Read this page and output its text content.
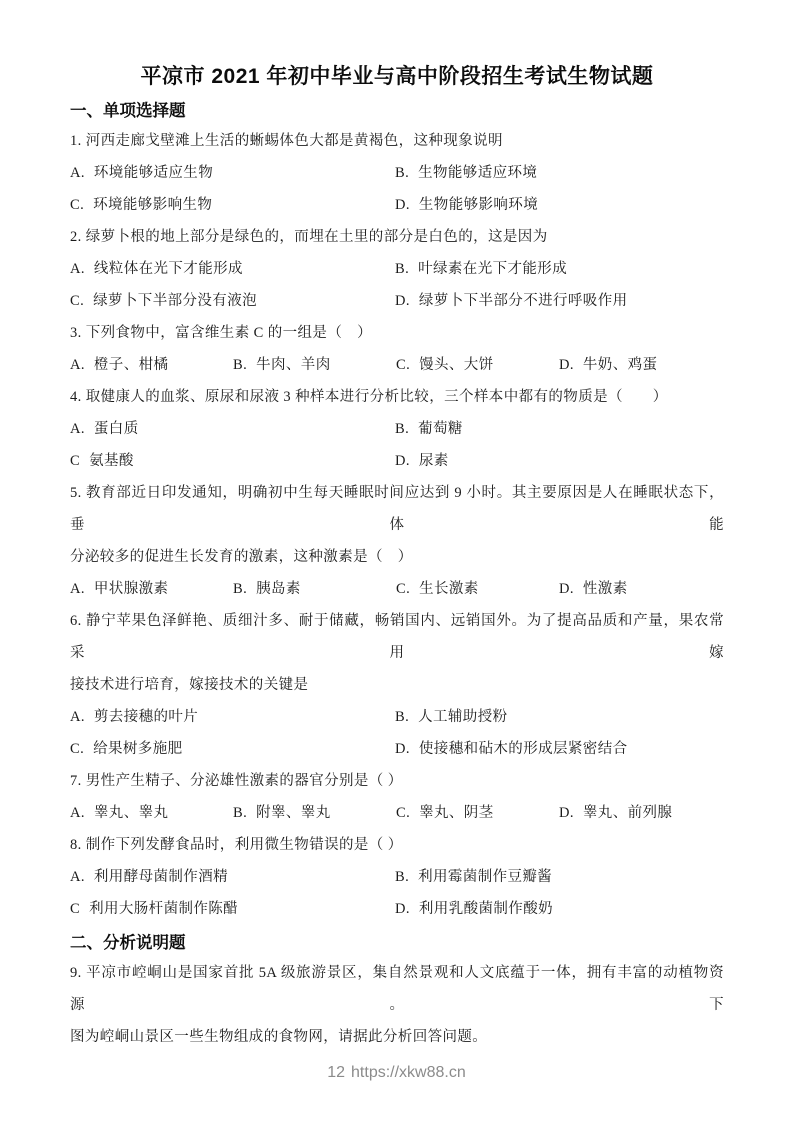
平凉市 2021 年初中毕业与高中阶段招生考试生物试题
一、单项选择题
1. 河西走廊戈壁滩上生活的蜥蜴体色大都是黄褐色，这种现象说明
A. 环境能够适应生物	B. 生物能够适应环境
C. 环境能够影响生物	D. 生物能够影响环境
2. 绿萝卜根的地上部分是绿色的，而埋在土里的部分是白色的，这是因为
A. 线粒体在光下才能形成	B. 叶绿素在光下才能形成
C. 绿萝卜下半部分没有液泡	D. 绿萝卜下半部分不进行呼吸作用
3. 下列食物中，富含维生素 C 的一组是（　）
A. 橙子、柑橘	B. 牛肉、羊肉	C. 馒头、大饼	D. 牛奶、鸡蛋
4. 取健康人的血浆、原尿和尿液 3 种样本进行分析比较，三个样本中都有的物质是（　　）
A. 蛋白质	B. 葡萄糖
C 氨基酸	D. 尿素
5. 教育部近日印发通知，明确初中生每天睡眠时间应达到 9 小时。其主要原因是人在睡眠状态下，垂体能
分泌较多的促进生长发育的激素，这种激素是（　）
A. 甲状腺激素	B. 胰岛素	C. 生长激素	D. 性激素
6. 静宁苹果色泽鲜艳、质细汁多、耐于储藏，畅销国内、远销国外。为了提高品质和产量，果农常采用嫁
接技术进行培育，嫁接技术的关键是
A. 剪去接穗的叶片	B. 人工辅助授粉
C. 给果树多施肥	D. 使接穗和砧木的形成层紧密结合
7. 男性产生精子、分泌雄性激素的器官分别是（ ）
A. 睾丸、睾丸	B. 附睾、睾丸	C. 睾丸、阴茎	D. 睾丸、前列腺
8. 制作下列发酵食品时，利用微生物错误的是（ ）
A. 利用酵母菌制作酒精	B. 利用霉菌制作豆瓣酱
C 利用大肠杆菌制作陈醋	D. 利用乳酸菌制作酸奶
二、分析说明题
9. 平凉市崆峒山是国家首批 5A 级旅游景区，集自然景观和人文底蕴于一体，拥有丰富的动植物资源。下
图为崆峒山景区一些生物组成的食物网，请据此分析回答问题。
12 https://xkw88.cn
